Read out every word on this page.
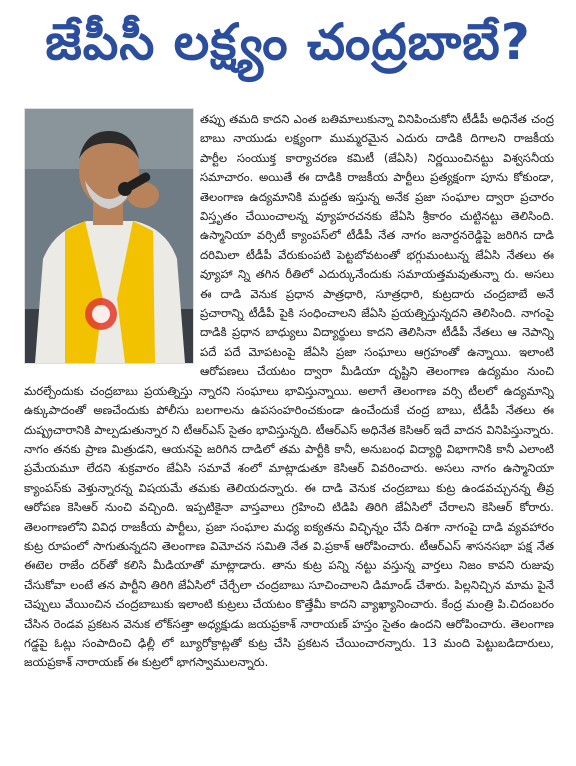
జేపీసీ లక్ష్యం చంద్రబాబే?

తప్పు తమది కాదని ఎంత బతిమాలుకున్నా వినిపించుకోని టీడీపీ అధినేత చంద్ర బాబు నాయుడు లక్ష్యంగా ముమ్మరమైన ఎదురు దాడికి దిగాలని రాజకీయ పార్టీల సంయుక్త కార్యాచరణ కమిటీ (జేఏసి) నిర్ణయించినట్టు విశ్వసనీయ సమాచారం. అయితే ఈ దాడికి రాజకీయ పార్టీలు ప్రత్యక్షంగా పూను కోకుండా, తెలంగాణ ఉద్యమానికి మద్దతు ఇస్తున్న అనేక ప్రజా సంఘాల ద్వారా ప్రచారం విస్తృతం చేయించాలన్న వ్యూహరచనకు జేఏసి శ్రీకారం చుట్టినట్టు తెలిసింది. ఉస్మానియా వర్సిటీ క్యాంపస్‌లో టీడీపీ నేత నాగం జనార్దనరెడ్డిపై జరిగిన దాడి దరిమిలా టీడీపీ వేరుకుంపటి పెట్టబోవటంతో భగ్గుమంటున్న జేఏసి నేతలు ఈ వ్యూహా న్ని తగిన రీతిలో ఎదుర్కునేందుకు సమాయత్తమవుతున్నా రు. అసలు ఈ దాడి వెనుక ప్రధాన పాత్రధారి, సూత్రధారి, కుట్రదారు చంద్రబాబే అనే ప్రచారాన్ని టీడీపీ పైకి సంధించాలని జేఏసి ప్రయత్నిస్తున్నదని తెలిసింది. నాగంపై దాడికి ప్రధాన బాధ్యులు విద్యార్థులు కాదని తెలిసినా టీడీపీ నేతలు ఆ నెపాన్ని పదే పదే మోపటంపై జేఏసి ప్రజా సంఘాలు ఆగ్రహంతో ఉన్నాయి. ఇలాంటి ఆరోపణలు చేయటం ద్వారా మీడియా దృష్టిని తెలంగాణ ఉద్యమం నుంచి మరల్చేందుకు చంద్రబాబు ప్రయత్నిస్తు న్నారని సంఘాలు భావిస్తున్నాయి. అలాగే తెలంగాణ వర్సి టీలలో ఉద్యమాన్ని ఉక్కుపాదంతో అణచేందుకు పోలీసు బలగాలను ఉపసంహరించకుండా ఉంచేందుకే చంద్ర బాబు, టీడీపీ నేతలు ఈ దుష్ప్రచారానికి పాల్పడుతున్నార ని టీఆర్ఎస్ సైతం భావిస్తున్నది. టీఆర్ఎస్ అధినేత కెసిఆర్ ఇదే వాదన వినిపిస్తున్నారు. నాగం తనకు ప్రాణ మిత్రుడని, ఆయనపై జరిగిన దాడిలో తమ పార్టీకి కానీ, అనుబంధ విద్యార్థి విభాగానికి కానీ ఎలాంటి ప్రమేయమూ లేదని శుక్రవారం జేఏసి సమావే శంలో మాట్లాడుతూ కెసిఆర్ వివరించారు. అసలు నాగం ఉస్మానియా క్యాంపస్‌కు వెళ్తున్నారన్న విషయమే తమకు తెలియదన్నారు. ఈ దాడి వెనుక చంద్రబాబు కుట్ర ఉండవచ్చునన్న తీవ్ర ఆరోపణ కెసిఆర్ నుంచి వచ్చింది. ఇప్పటికైనా వాస్తవాలు గ్రహించి టిడిపి తిరిగి జేఏసిలో చేరాలని కెసిఆర్ కోరారు. తెలంగాణలోని వివిధ రాజకీయ పార్టీలు, ప్రజా సంఘాల మధ్య ఐక్యతను విచ్ఛిన్నం చేసే దిశగా నాగంపై దాడి వ్యవహారం కుట్ర రూపంలో సాగుతున్నదని తెలంగాణ విమోచన సమితి నేత వి.ప్రకాశ్ ఆరోపించారు. టీఆర్ఎస్ శాసనసభా పక్ష నేత ఈటెల రాజేం దర్‌తో కలిసి మీడియాతో మాట్లాడారు. తాను కుట్ర పన్ని నట్టు వస్తున్న వార్తలు నిజం కావని రుజువు చేసుకోవా లంటే తన పార్టీని తిరిగి జేఏసిలో చేర్చేలా చంద్రబాబు సూచించాలని డిమాండ్ చేశారు. పిల్లనిచ్చిన మామ పైనే చెప్పులు వేయించిన చంద్రబాబుకు ఇలాంటి కుట్రలు చేయటం కొత్తేమీ కాదని వ్యాఖ్యానించారు. కేంద్ర మంత్రి పి.చిదంబరం చేసిన రెండవ ప్రకటన వెనుక లోక్‌సత్తా అధ్యక్షుడు జయప్రకాశ్ నారాయణ్ హస్తం సైతం ఉందని ఆరోపించారు. తెలంగాణ గడ్డపై ఓట్లు సంపాదించి ఢిల్లీ లో బ్యూరోక్రాట్లతో కుట్ర చేసి ప్రకటన చేయించారన్నారు. 13 మంది పెట్టుబడిదారులు, జయప్రకాశ్ నారాయణ్ ఈ కుట్రలో భాగస్వాములన్నారు.
